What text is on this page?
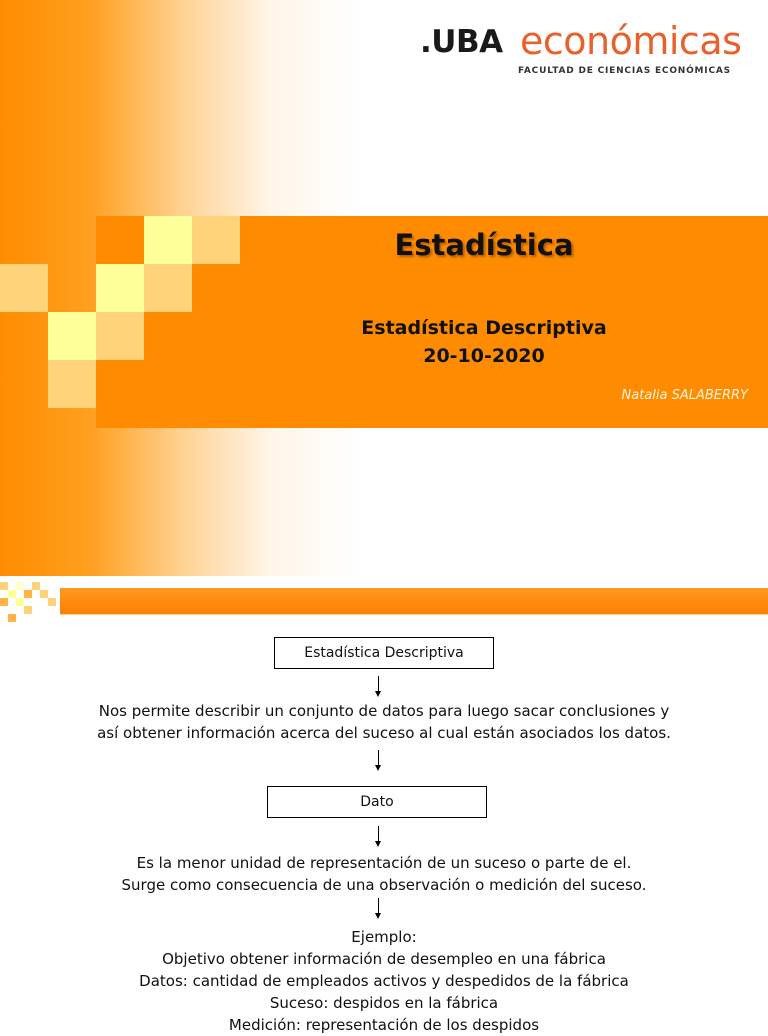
.UBA económicas
FACULTAD DE CIENCIAS ECONÓMICAS
Estadística
Estadística Descriptiva
20-10-2020
Natalia SALABERRY
Estadística Descriptiva
Nos permite describir un conjunto de datos para luego sacar conclusiones y
así obtener información acerca del suceso al cual están asociados los datos.
Dato
Es la menor unidad de representación de un suceso o parte de el.
Surge como consecuencia de una observación o medición del suceso.
Ejemplo:
Objetivo obtener información de desempleo en una fábrica
Datos: cantidad de empleados activos y despedidos de la fábrica
Suceso: despidos en la fábrica
Medición: representación de los despidos
